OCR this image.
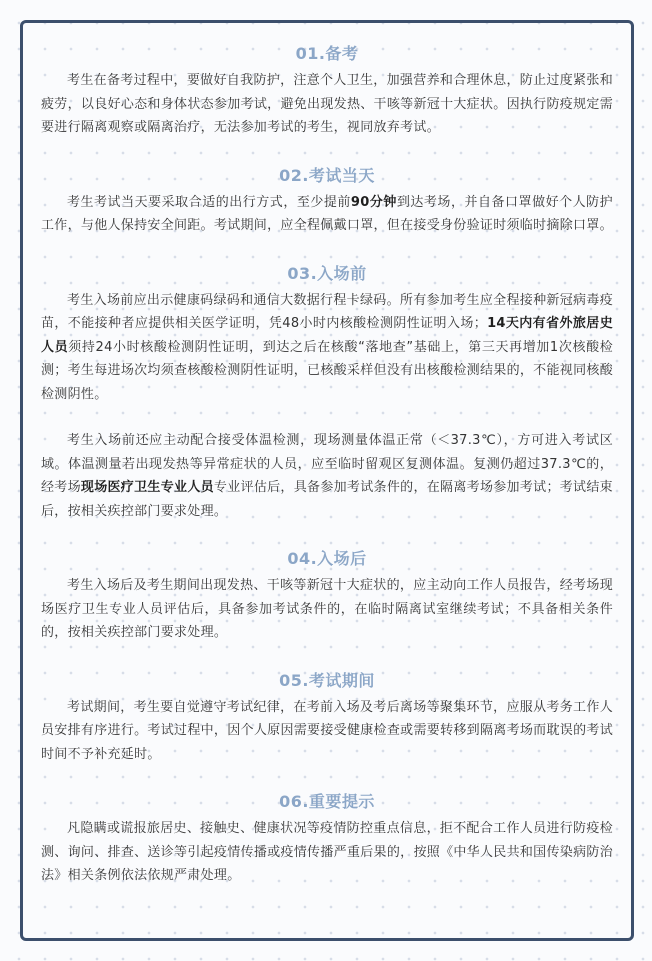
01.备考

考生在备考过程中，要做好自我防护，注意个人卫生，加强营养和合理休息，防止过度紧张和疲劳，以良好心态和身体状态参加考试，避免出现发热、干咳等新冠十大症状。因执行防疫规定需要进行隔离观察或隔离治疗，无法参加考试的考生，视同放弃考试。

02.考试当天

考生考试当天要采取合适的出行方式，至少提前90分钟到达考场，并自备口罩做好个人防护工作，与他人保持安全间距。考试期间，应全程佩戴口罩，但在接受身份验证时须临时摘除口罩。

03.入场前

考生入场前应出示健康码绿码和通信大数据行程卡绿码。所有参加考生应全程接种新冠病毒疫苗，不能接种者应提供相关医学证明，凭48小时内核酸检测阴性证明入场；14天内有省外旅居史人员须持24小时核酸检测阴性证明，到达之后在核酸“落地查”基础上，第三天再增加1次核酸检测；考生每进场次均须查核酸检测阴性证明，已核酸采样但没有出核酸检测结果的，不能视同核酸检测阴性。

考生入场前还应主动配合接受体温检测，现场测量体温正常（＜37.3℃），方可进入考试区域。体温测量若出现发热等异常症状的人员，应至临时留观区复测体温。复测仍超过37.3℃的，经考场现场医疗卫生专业人员专业评估后，具备参加考试条件的，在隔离考场参加考试；考试结束后，按相关疾控部门要求处理。

04.入场后

考生入场后及考生期间出现发热、干咳等新冠十大症状的，应主动向工作人员报告，经考场现场医疗卫生专业人员评估后，具备参加考试条件的，在临时隔离试室继续考试；不具备相关条件的，按相关疾控部门要求处理。

05.考试期间

考试期间，考生要自觉遵守考试纪律，在考前入场及考后离场等聚集环节，应服从考务工作人员安排有序进行。考试过程中，因个人原因需要接受健康检查或需要转移到隔离考场而耽误的考试时间不予补充延时。

06.重要提示

凡隐瞒或谎报旅居史、接触史、健康状况等疫情防控重点信息，拒不配合工作人员进行防疫检测、询问、排查、送诊等引起疫情传播或疫情传播严重后果的，按照《中华人民共和国传染病防治法》相关条例依法依规严肃处理。
